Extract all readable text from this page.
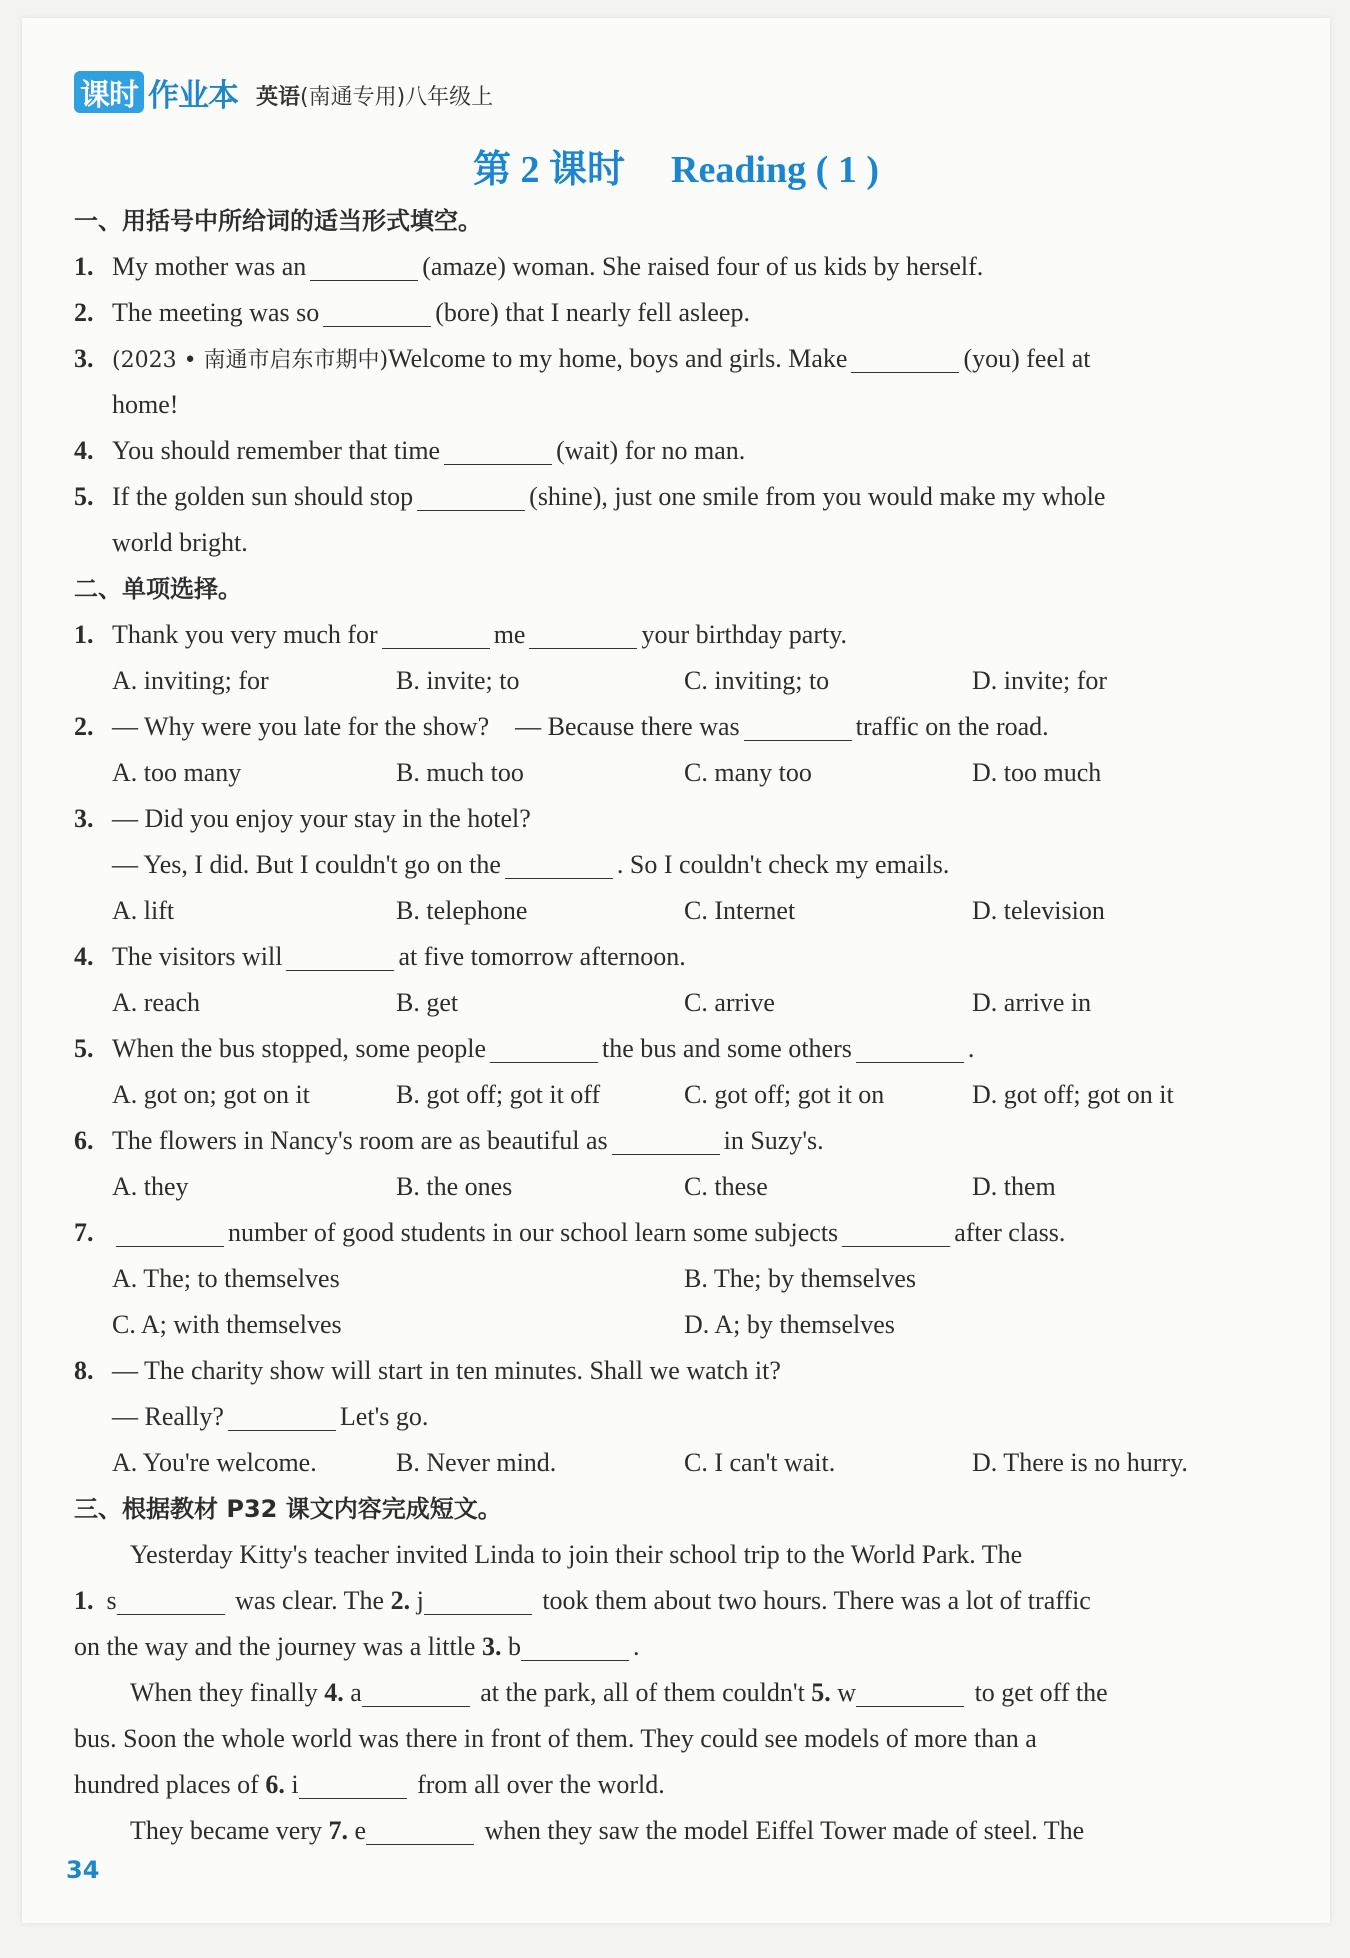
课时 作业本 英语(南通专用)八年级上
第 2 课时 Reading ( 1 )
一、用括号中所给词的适当形式填空。
1. My mother was an	(amaze) woman. She raised four of us kids by herself.
2. The meeting was so	(bore) that I nearly fell asleep.
3. (2023 • 南通市启东市期中)Welcome to my home, boys and girls. Make	(you) feel at
home!
4. You should remember that time	(wait) for no man.
5. If the golden sun should stop	(shine), just one smile from you would make my whole
world bright.
二、单项选择。
1. Thank you very much for	me	your birthday party.
A. inviting; for	B. invite; to	C. inviting; to	D. invite; for
2. — Why were you late for the show? — Because there was	traffic on the road.
A. too many	B. much too	C. many too	D. too much
3. — Did you enjoy your stay in the hotel?
— Yes, I did. But I couldn't go on the	. So I couldn't check my emails.
A. lift	B. telephone	C. Internet	D. television
4. The visitors will	at five tomorrow afternoon.
A. reach	B. get	C. arrive	D. arrive in
5. When the bus stopped, some people	the bus and some others	.
A. got on; got on it	B. got off; got it off	C. got off; got it on	D. got off; got on it
6. The flowers in Nancy's room are as beautiful as	in Suzy's.
A. they	B. the ones	C. these	D. them
7.	number of good students in our school learn some subjects	after class.
A. The; to themselves	B. The; by themselves
C. A; with themselves	D. A; by themselves
8. — The charity show will start in ten minutes. Shall we watch it?
— Really?	Let's go.
A. You're welcome.	B. Never mind.	C. I can't wait.	D. There is no hurry.
三、根据教材 P32 课文内容完成短文。
Yesterday Kitty's teacher invited Linda to join their school trip to the World Park. The
1. s	was clear. The 2. j	took them about two hours. There was a lot of traffic
on the way and the journey was a little 3. b	.
When they finally 4. a	at the park, all of them couldn't 5. w	to get off the
bus. Soon the whole world was there in front of them. They could see models of more than a
hundred places of 6. i	from all over the world.
They became very 7. e	when they saw the model Eiffel Tower made of steel. The
34
